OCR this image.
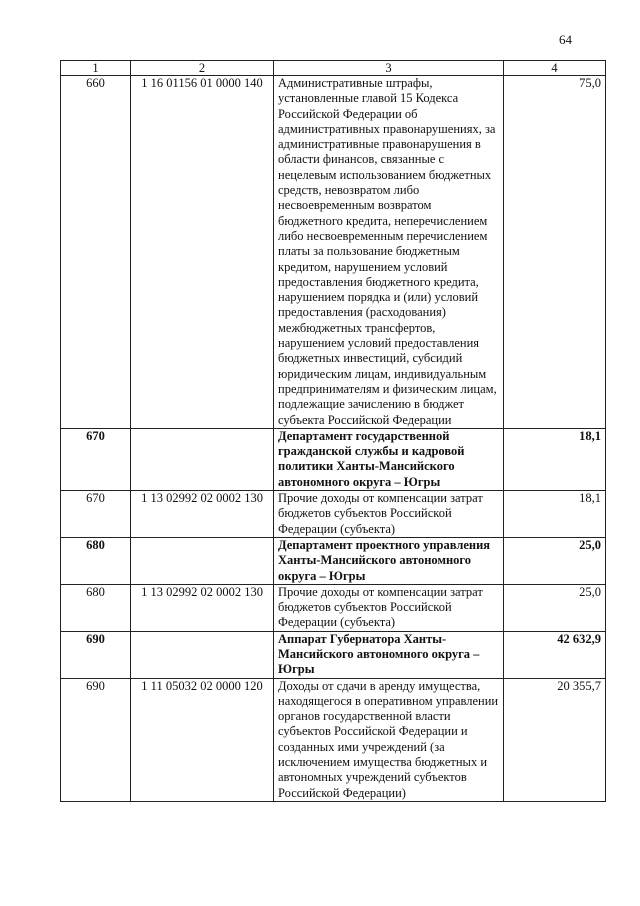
64
1	2	3	4
660	1 16 01156 01 0000 140	Административные штрафы, установленные главой 15 Кодекса Российской Федерации об административных правонарушениях, за административные правонарушения в области финансов, связанные с нецелевым использованием бюджетных средств, невозвратом либо несвоевременным возвратом бюджетного кредита, неперечислением либо несвоевременным перечислением платы за пользование бюджетным кредитом, нарушением условий предоставления бюджетного кредита, нарушением порядка и (или) условий предоставления (расходования) межбюджетных трансфертов, нарушением условий предоставления бюджетных инвестиций, субсидий юридическим лицам, индивидуальным предпринимателям и физическим лицам, подлежащие зачислению в бюджет субъекта Российской Федерации	75,0
670		Департамент государственной гражданской службы и кадровой политики Ханты-Мансийского автономного округа – Югры	18,1
670	1 13 02992 02 0002 130	Прочие доходы от компенсации затрат бюджетов субъектов Российской Федерации (субъекта)	18,1
680		Департамент проектного управления Ханты-Мансийского автономного округа – Югры	25,0
680	1 13 02992 02 0002 130	Прочие доходы от компенсации затрат бюджетов субъектов Российской Федерации (субъекта)	25,0
690		Аппарат Губернатора Ханты-Мансийского автономного округа – Югры	42 632,9
690	1 11 05032 02 0000 120	Доходы от сдачи в аренду имущества, находящегося в оперативном управлении органов государственной власти субъектов Российской Федерации и созданных ими учреждений (за исключением имущества бюджетных и автономных учреждений субъектов Российской Федерации)	20 355,7
